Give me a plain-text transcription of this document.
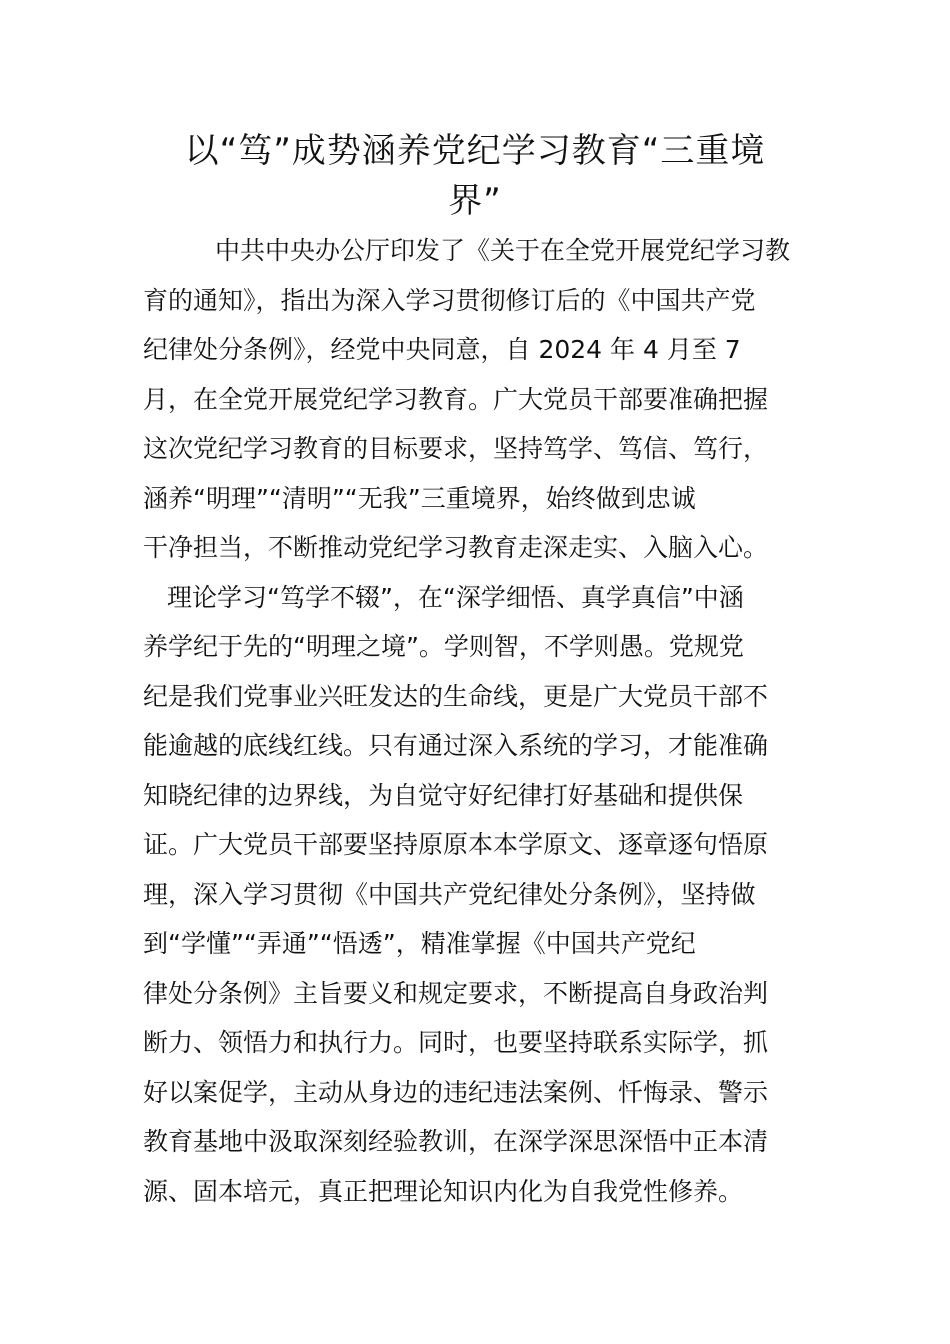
以“笃”成势涵养党纪学习教育“三重境
界”
中共中央办公厅印发了《关于在全党开展党纪学习教
育的通知》，指出为深入学习贯彻修订后的《中国共产党
纪律处分条例》，经党中央同意，自 2024 年 4 月至 7
月，在全党开展党纪学习教育。广大党员干部要准确把握
这次党纪学习教育的目标要求，坚持笃学、笃信、笃行，
涵养“明理”“清明”“无我”三重境界，始终做到忠诚
干净担当，不断推动党纪学习教育走深走实、入脑入心。
理论学习“笃学不辍”，在“深学细悟、真学真信”中涵
养学纪于先的“明理之境”。学则智，不学则愚。党规党
纪是我们党事业兴旺发达的生命线，更是广大党员干部不
能逾越的底线红线。只有通过深入系统的学习，才能准确
知晓纪律的边界线，为自觉守好纪律打好基础和提供保
证。广大党员干部要坚持原原本本学原文、逐章逐句悟原
理，深入学习贯彻《中国共产党纪律处分条例》，坚持做
到“学懂”“弄通”“悟透”，精准掌握《中国共产党纪
律处分条例》主旨要义和规定要求，不断提高自身政治判
断力、领悟力和执行力。同时，也要坚持联系实际学，抓
好以案促学，主动从身边的违纪违法案例、忏悔录、警示
教育基地中汲取深刻经验教训，在深学深思深悟中正本清
源、固本培元，真正把理论知识内化为自我党性修养。
